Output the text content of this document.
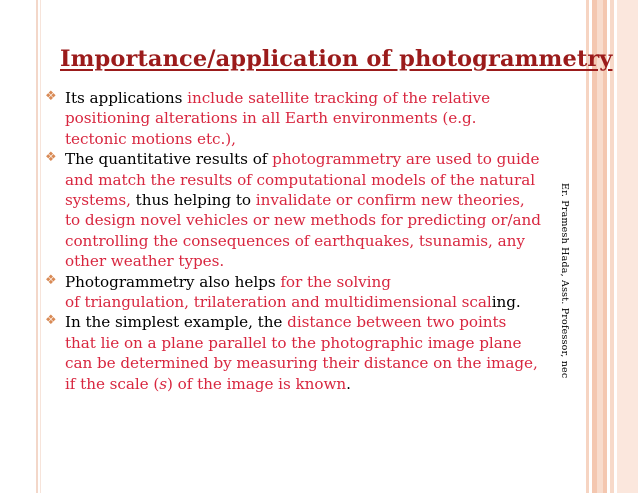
Importance/application of photogrammetry
❖ Its applications include satellite tracking of the relative
positioning alterations in all Earth environments (e.g.
tectonic motions etc.),
❖ The quantitative results of photogrammetry are used to guide
and match the results of computational models of the natural
systems, thus helping to invalidate or confirm new theories,
to design novel vehicles or new methods for predicting or/and
controlling the consequences of earthquakes, tsunamis, any
other weather types.
❖ Photogrammetry also helps for the solving
of triangulation, trilateration and multidimensional scaling.
❖ In the simplest example, the distance between two points
that lie on a plane parallel to the photographic image plane
can be determined by measuring their distance on the image,
if the scale (s) of the image is known.
Er. Pramesh Hada, Asst. Professor, nec
